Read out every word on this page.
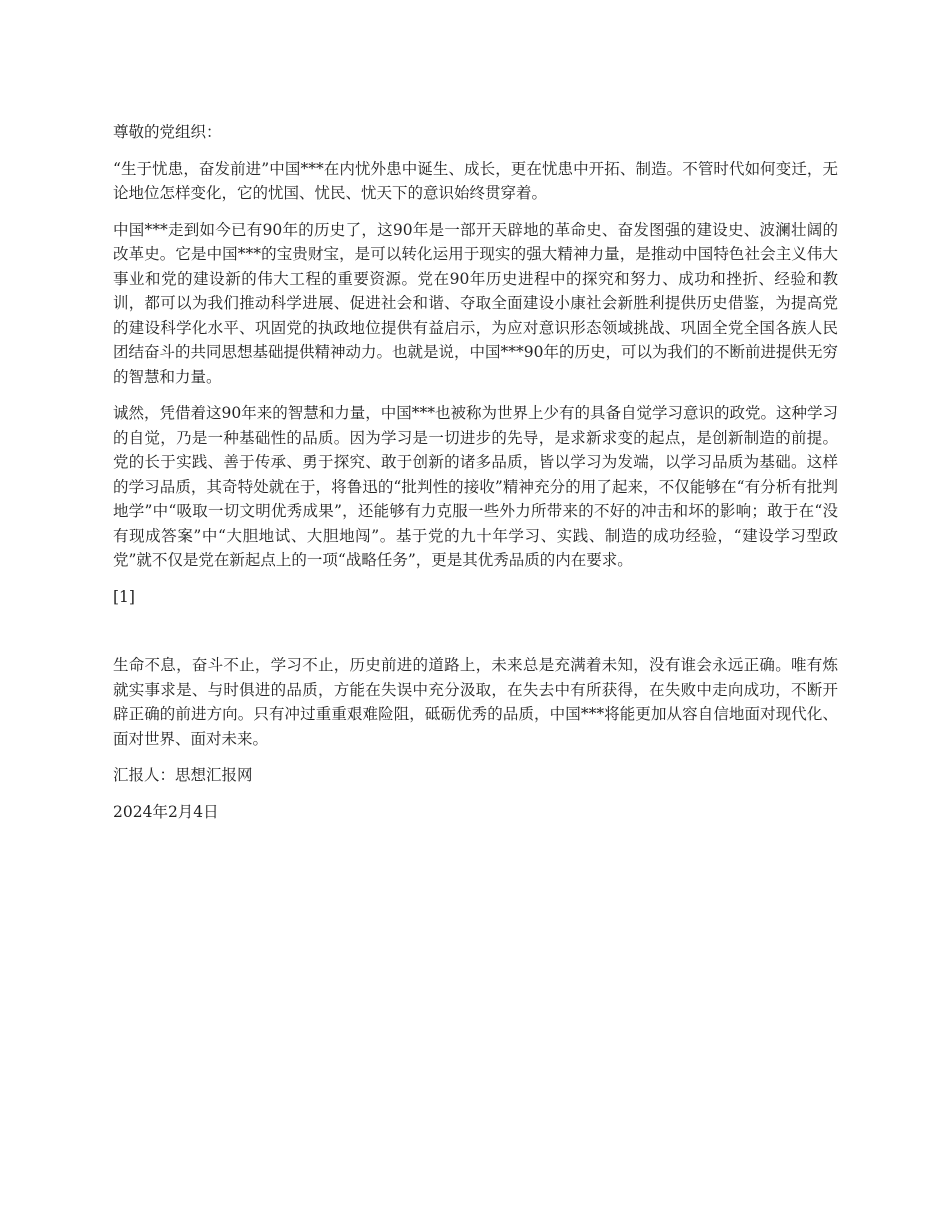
尊敬的党组织：

“生于忧患，奋发前进”中国***在内忧外患中诞生、成长，更在忧患中开拓、制造。不管时代如何变迁，无论地位怎样变化，它的忧国、忧民、忧天下的意识始终贯穿着。

中国***走到如今已有90年的历史了，这90年是一部开天辟地的革命史、奋发图强的建设史、波澜壮阔的改革史。它是中国***的宝贵财宝，是可以转化运用于现实的强大精神力量，是推动中国特色社会主义伟大事业和党的建设新的伟大工程的重要资源。党在90年历史进程中的探究和努力、成功和挫折、经验和教训，都可以为我们推动科学进展、促进社会和谐、夺取全面建设小康社会新胜利提供历史借鉴，为提高党的建设科学化水平、巩固党的执政地位提供有益启示，为应对意识形态领域挑战、巩固全党全国各族人民团结奋斗的共同思想基础提供精神动力。也就是说，中国***90年的历史，可以为我们的不断前进提供无穷的智慧和力量。

诚然，凭借着这90年来的智慧和力量，中国***也被称为世界上少有的具备自觉学习意识的政党。这种学习的自觉，乃是一种基础性的品质。因为学习是一切进步的先导，是求新求变的起点，是创新制造的前提。党的长于实践、善于传承、勇于探究、敢于创新的诸多品质，皆以学习为发端，以学习品质为基础。这样的学习品质，其奇特处就在于，将鲁迅的“批判性的接收”精神充分的用了起来，不仅能够在“有分析有批判地学”中“吸取一切文明优秀成果”，还能够有力克服一些外力所带来的不好的冲击和坏的影响；敢于在“没有现成答案”中“大胆地试、大胆地闯”。基于党的九十年学习、实践、制造的成功经验，“建设学习型政党”就不仅是党在新起点上的一项“战略任务”，更是其优秀品质的内在要求。

[1]

生命不息，奋斗不止，学习不止，历史前进的道路上，未来总是充满着未知，没有谁会永远正确。唯有炼就实事求是、与时俱进的品质，方能在失误中充分汲取，在失去中有所获得，在失败中走向成功，不断开辟正确的前进方向。只有冲过重重艰难险阻，砥砺优秀的品质，中国***将能更加从容自信地面对现代化、面对世界、面对未来。

汇报人：思想汇报网

2024年2月4日
